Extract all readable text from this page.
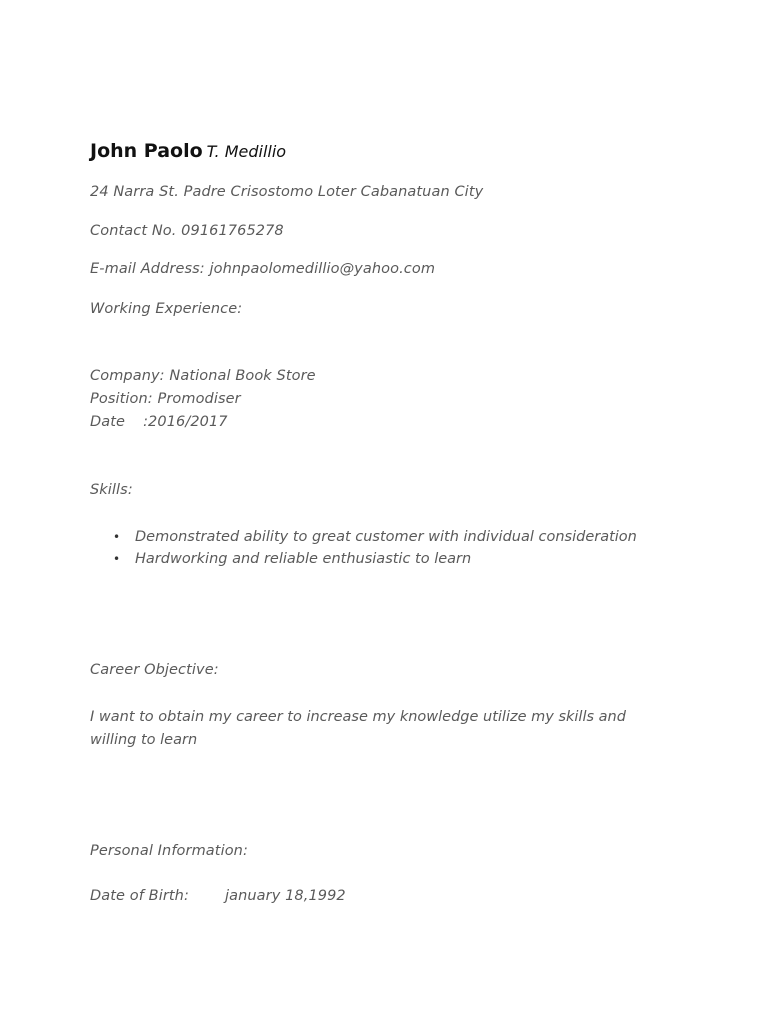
John Paolo T. Medillio
24 Narra St. Padre Crisostomo Loter Cabanatuan City
Contact No. 09161765278
E-mail Address: johnpaolomedillio@yahoo.com
Working Experience:
Company: National Book Store
Position: Promodiser
Date :2016/2017
Skills:
• Demonstrated ability to great customer with individual consideration
• Hardworking and reliable enthusiastic to learn
Career Objective:
I want to obtain my career to increase my knowledge utilize my skills and willing to learn
Personal Information:
Date of Birth: january 18,1992
